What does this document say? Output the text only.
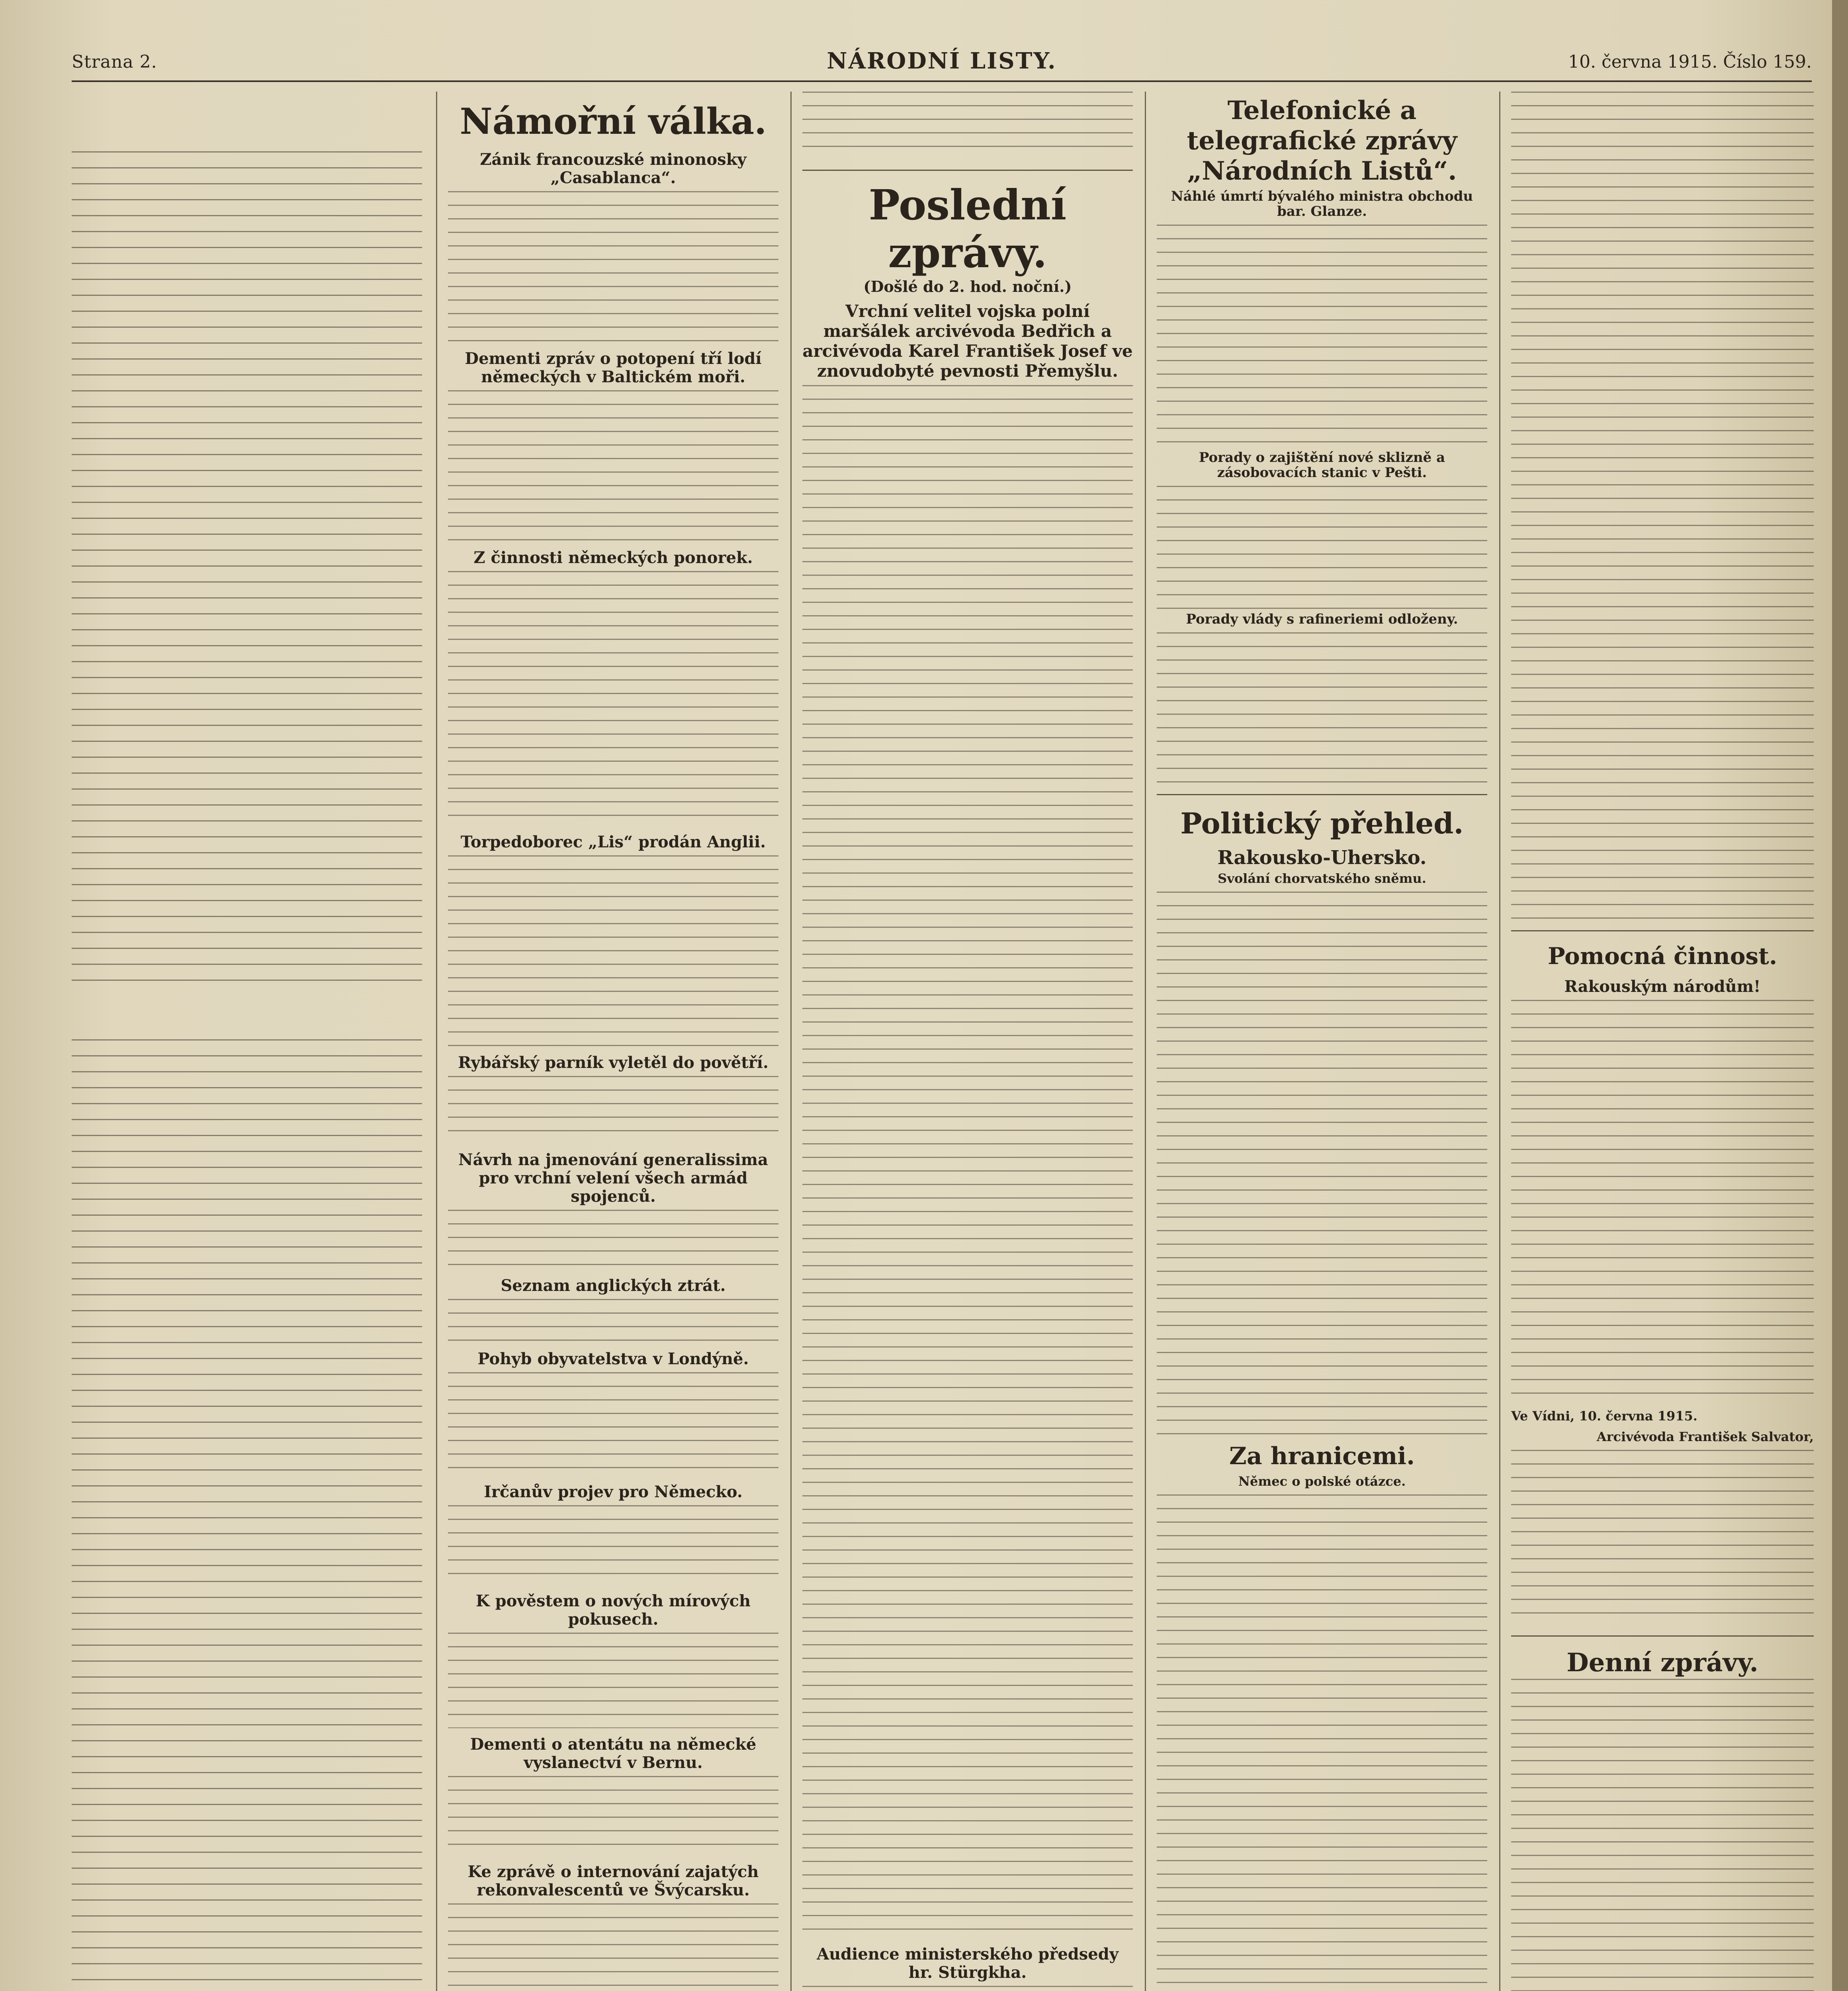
Strana 2.	NÁRODNÍ LISTY.	10. června 1915. Číslo 159.
Námořní válka.
Zánik francouzské minonosky „Casablanca“.
Dementi zpráv o potopení tří lodí německých v Baltickém moři.
Z činnosti německých ponorek.
Torpedoborec „Lis“ prodán Anglii.
Rybářský parník vyletěl do povětří.
Návrh na jmenování generalissima pro vrchní velení všech armád spojenců.
Seznam anglických ztrát.
Pohyb obyvatelstva v Londýně.
Irčanův projev pro Německo.
K pověstem o nových mírových pokusech.
Dementi o atentátu na německé vyslanectví v Bernu.
Ke zprávě o internování zajatých rekonvalescentů ve Švýcarsku.
Poslední zprávy.
(Došlé do 2. hod. noční.)
Vrchní velitel vojska polní maršálek arcivévoda Bedřich a arcivévoda Karel František Josef ve znovudobyté pevnosti Přemyšlu.
Audience ministerského předsedy hr. Stürgkha.
Telefonické a telegrafické zprávy „Národních Listů“.
Náhlé úmrtí bývalého ministra obchodu bar. Glanze.
Porady o zajištění nové sklizně a zásobovacích stanic v Pešti.
Porady vlády s rafineriemi odloženy.
Politický přehled.
Rakousko-Uhersko.
Svolání chorvatského sněmu.
Za hranicemi.
Němec o polské otázce.
Pomocná činnost.
Rakouským národům!
Ve Vídni, 10. června 1915.
Arcivévoda František Salvator,
Denní zprávy.
